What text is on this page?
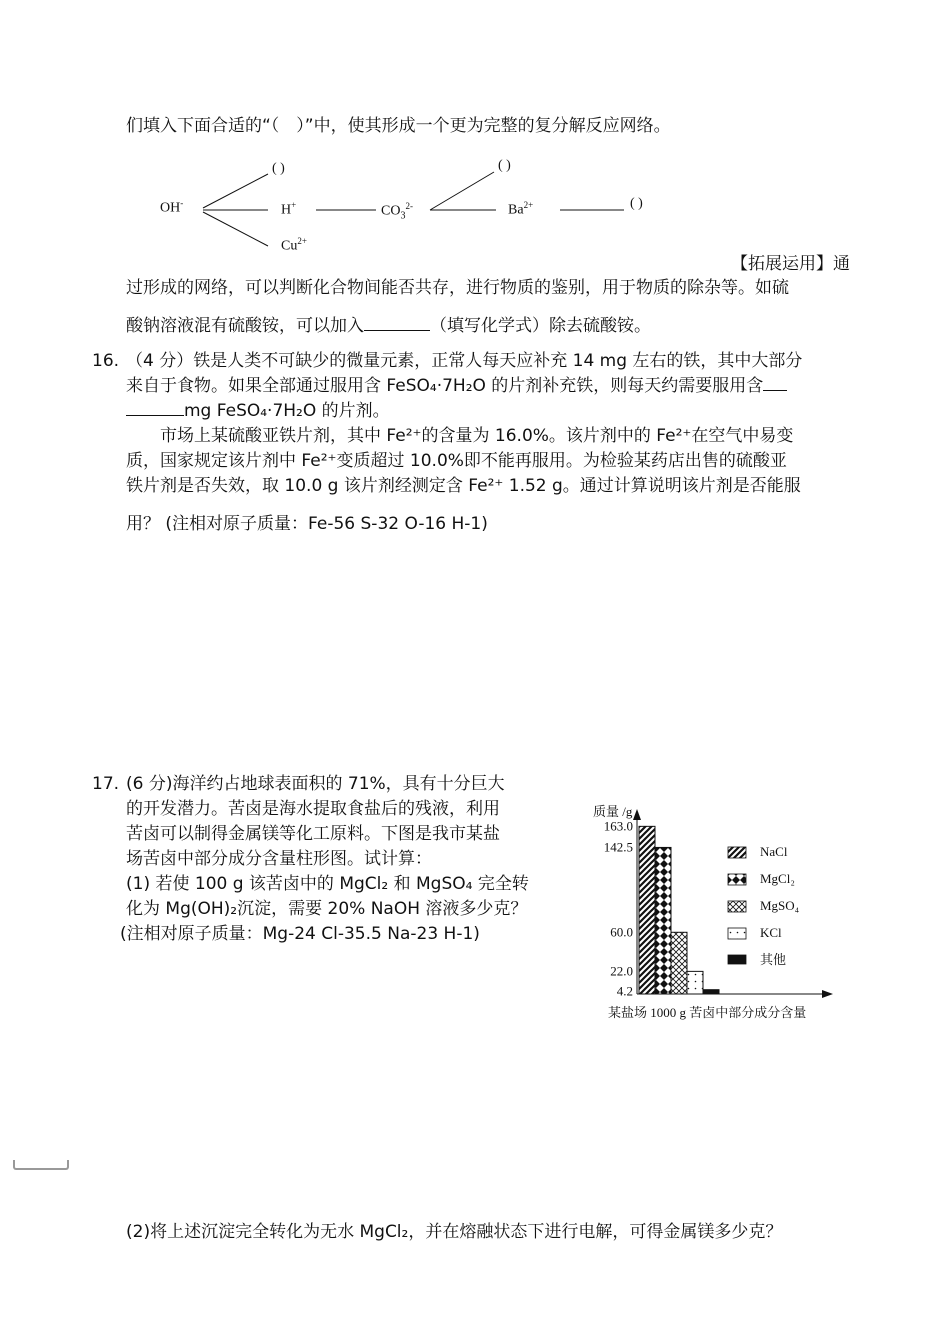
们填入下面合适的“（　）”中，使其形成一个更为完整的复分解反应网络。
OH-
( )
H+
$Cu^{2+}$
$CO_3^{2-}$
( )
$Ba^{2+}$	( )
【拓展运用】通
过形成的网络，可以判断化合物间能否共存，进行物质的鉴别，用于物质的除杂等。如硫
酸钠溶液混有硫酸铵，可以加入	（填写化学式）除去硫酸铵。
16. （4 分）铁是人类不可缺少的微量元素，正常人每天应补充 14 mg 左右的铁，其中大部分
来自于食物。如果全部通过服用含 FeSO₄·7H₂O 的片剂补充铁，则每天约需要服用含
mg FeSO₄·7H₂O 的片剂。
市场上某硫酸亚铁片剂，其中 Fe²⁺的含量为 16.0%。该片剂中的 Fe²⁺在空气中易变
质，国家规定该片剂中 Fe²⁺变质超过 10.0%即不能再服用。为检验某药店出售的硫酸亚
铁片剂是否失效，取 10.0 g 该片剂经测定含 Fe²⁺ 1.52 g。通过计算说明该片剂是否能服
用？ (注相对原子质量：Fe-56 S-32 O-16 H-1)
17. (6 分)海洋约占地球表面积的 71%，具有十分巨大
的开发潜力。苦卤是海水提取食盐后的残液，利用
苦卤可以制得金属镁等化工原料。下图是我市某盐
场苦卤中部分成分含量柱形图。试计算：
(1) 若使 100 g 该苦卤中的 MgCl₂ 和 MgSO₄ 完全转
化为 Mg(OH)₂沉淀，需要 20% NaOH 溶液多少克？
(注相对原子质量：Mg-24 Cl-35.5 Na-23 H-1)
质量 /g
163.0
142.5
60.0
22.0
4.2
NaCl
MgCl₂
MgSO₄
KCl
其他
某盐场 1000 g 苦卤中部分成分含量
(2)将上述沉淀完全转化为无水 MgCl₂，并在熔融状态下进行电解，可得金属镁多少克？
